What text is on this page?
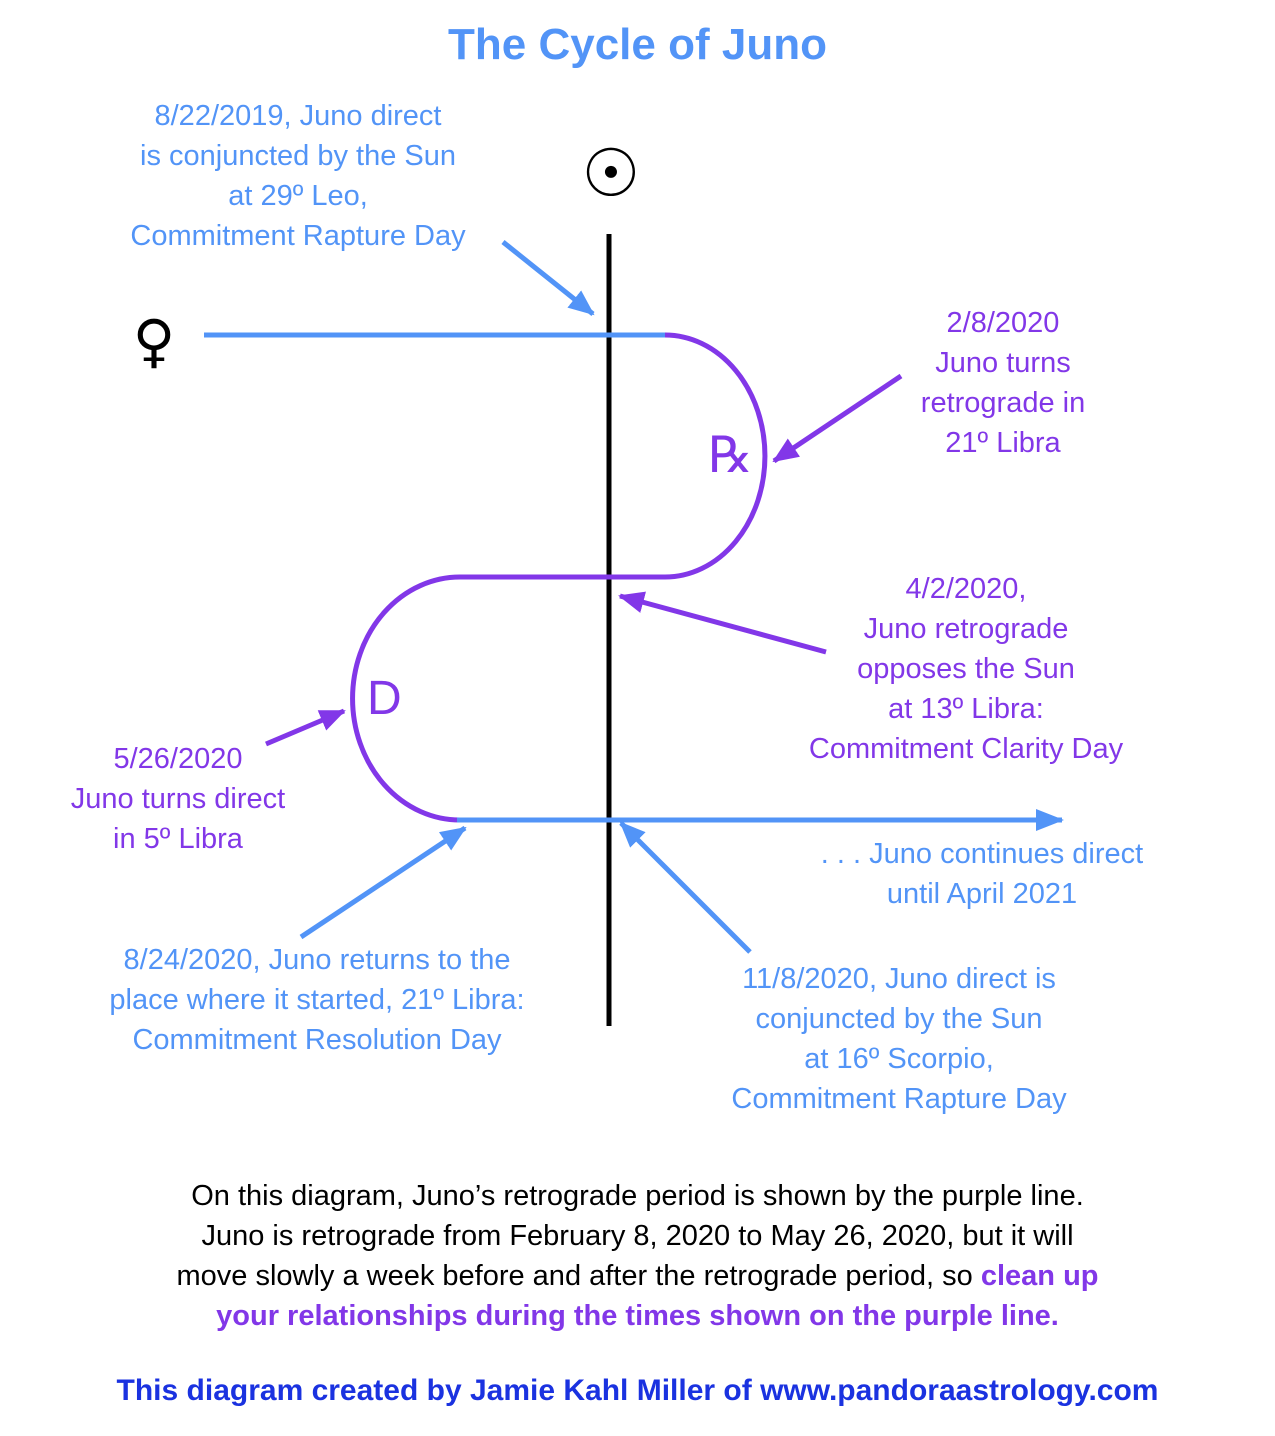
The Cycle of Juno
☉
♀
℞
D
8/22/2019, Juno direct
is conjuncted by the Sun
at 29º Leo,
Commitment Rapture Day
2/8/2020
Juno turns
retrograde in
21º Libra
4/2/2020,
Juno retrograde
opposes the Sun
at 13º Libra:
Commitment Clarity Day
5/26/2020
Juno turns direct
in 5º Libra	. . . Juno continues direct
until April 2021
8/24/2020, Juno returns to the
place where it started, 21º Libra:
Commitment Resolution Day
11/8/2020, Juno direct is
conjuncted by the Sun
at 16º Scorpio,
Commitment Rapture Day
On this diagram, Juno’s retrograde period is shown by the purple line.
Juno is retrograde from February 8, 2020 to May 26, 2020, but it will
move slowly a week before and after the retrograde period, so clean up
your relationships during the times shown on the purple line.
This diagram created by Jamie Kahl Miller of www.pandoraastrology.com
